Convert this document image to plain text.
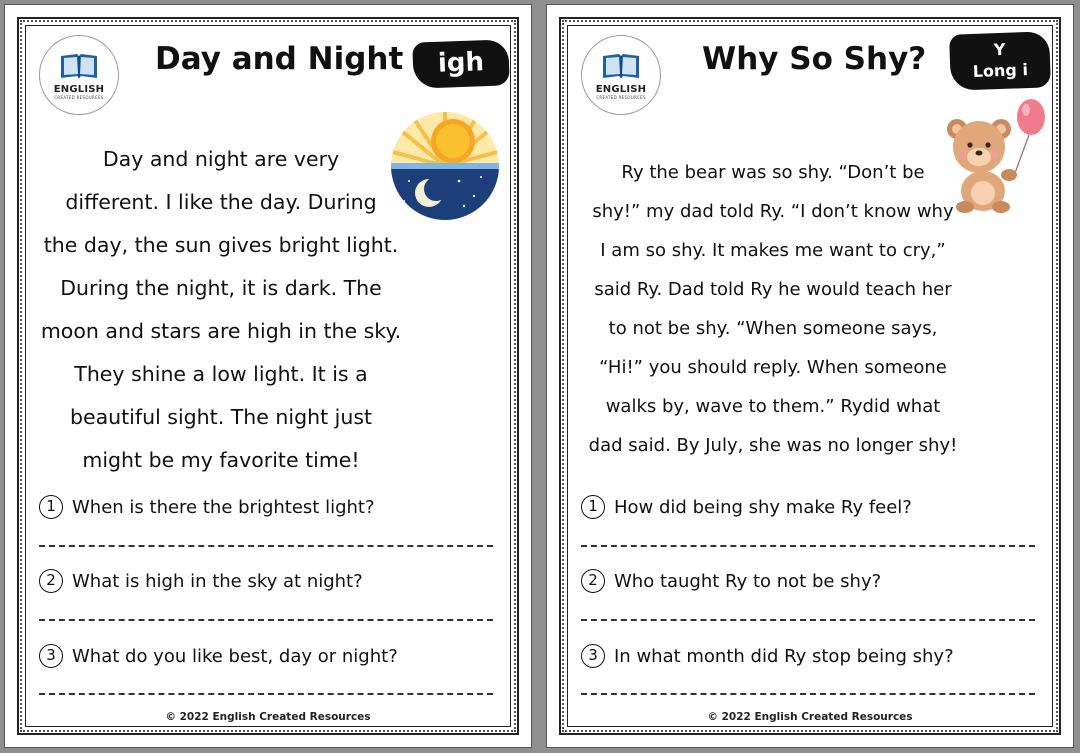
ENGLISH
CREATED RESOURCES
Day and Night	igh
Day and night are very
different. I like the day. During
the day, the sun gives bright light.
During the night, it is dark. The
moon and stars are high in the sky.
They shine a low light. It is a
beautiful sight. The night just
might be my favorite time!
1 When is there the brightest light?
2 What is high in the sky at night?
3 What do you like best, day or night?
© 2022 English Created Resources
ENGLISH
CREATED RESOURCES
Why So Shy?	Y
Long i
Ry the bear was so shy. “Don’t be
shy!” my dad told Ry. “I don’t know why
I am so shy. It makes me want to cry,”
said Ry. Dad told Ry he would teach her
to not be shy. “When someone says,
“Hi!” you should reply. When someone
walks by, wave to them.” Rydid what
dad said. By July, she was no longer shy!
1 How did being shy make Ry feel?
2 Who taught Ry to not be shy?
3 In what month did Ry stop being shy?
© 2022 English Created Resources
